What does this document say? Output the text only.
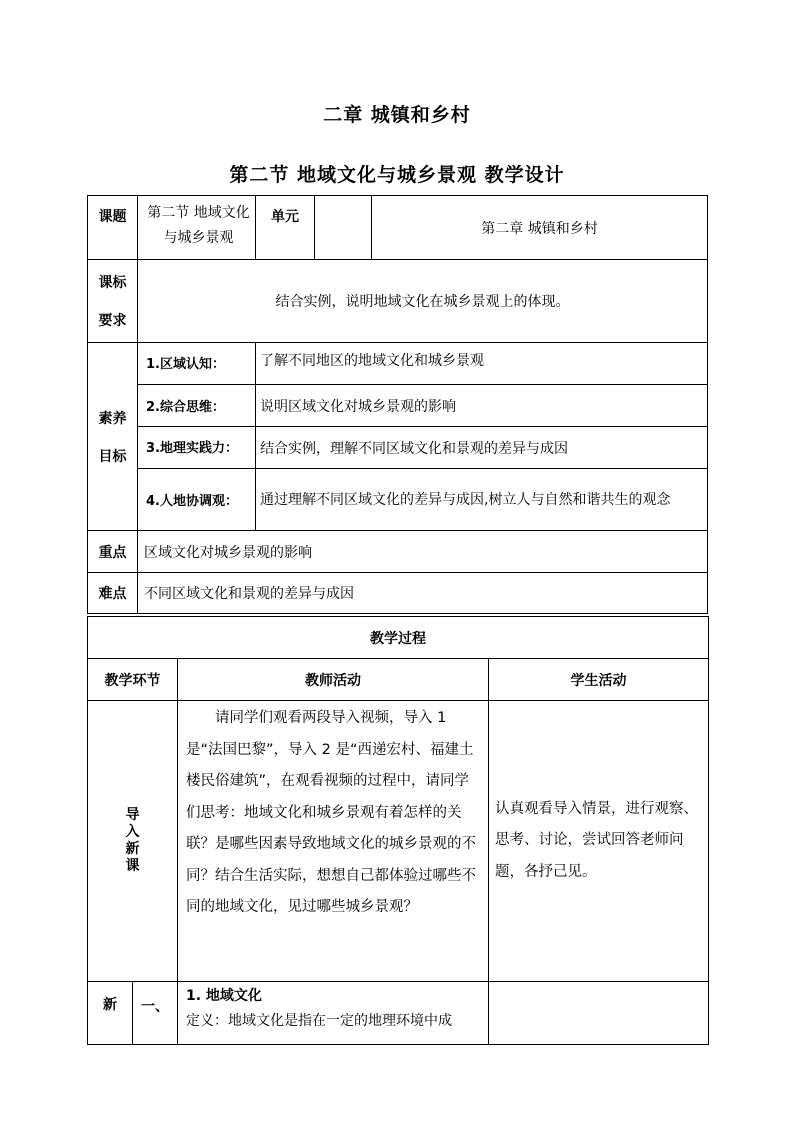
二章 城镇和乡村
第二节 地域文化与城乡景观 教学设计
课题	第二节 地域文化与城乡景观	单元		第二章 城镇和乡村

课标
要求	结合实例，说明地域文化在城乡景观上的体现。			

素养
目标	1.区域认知：	了解不同地区的地域文化和城乡景观		
	2.综合思维：	说明区域文化对城乡景观的影响		
	3.地理实践力：	结合实例，理解不同区域文化和景观的差异与成因		
	4.人地协调观：	通过理解不同区域文化的差异与成因,树立人与自然和谐共生的观念		
重点	区域文化对城乡景观的影响			
难点	不同区域文化和景观的差异与成因			
教学过程			
教学环节		教师活动	学生活动
导入新课		　　请同学们观看两段导入视频，导入 1 是“法国巴黎”，导入 2 是“西递宏村、福建土楼民俗建筑”，在观看视频的过程中，请同学们思考：地域文化和城乡景观有着怎样的关联？是哪些因素导致地域文化的城乡景观的不同？结合生活实际，想想自己都体验过哪些不同的地域文化，见过哪些城乡景观？	认真观看导入情景，进行观察、思考、讨论，尝试回答老师问题，各抒己见。
新	一、	1. 地域文化
定义：地域文化是指在一定的地理环境中成	
